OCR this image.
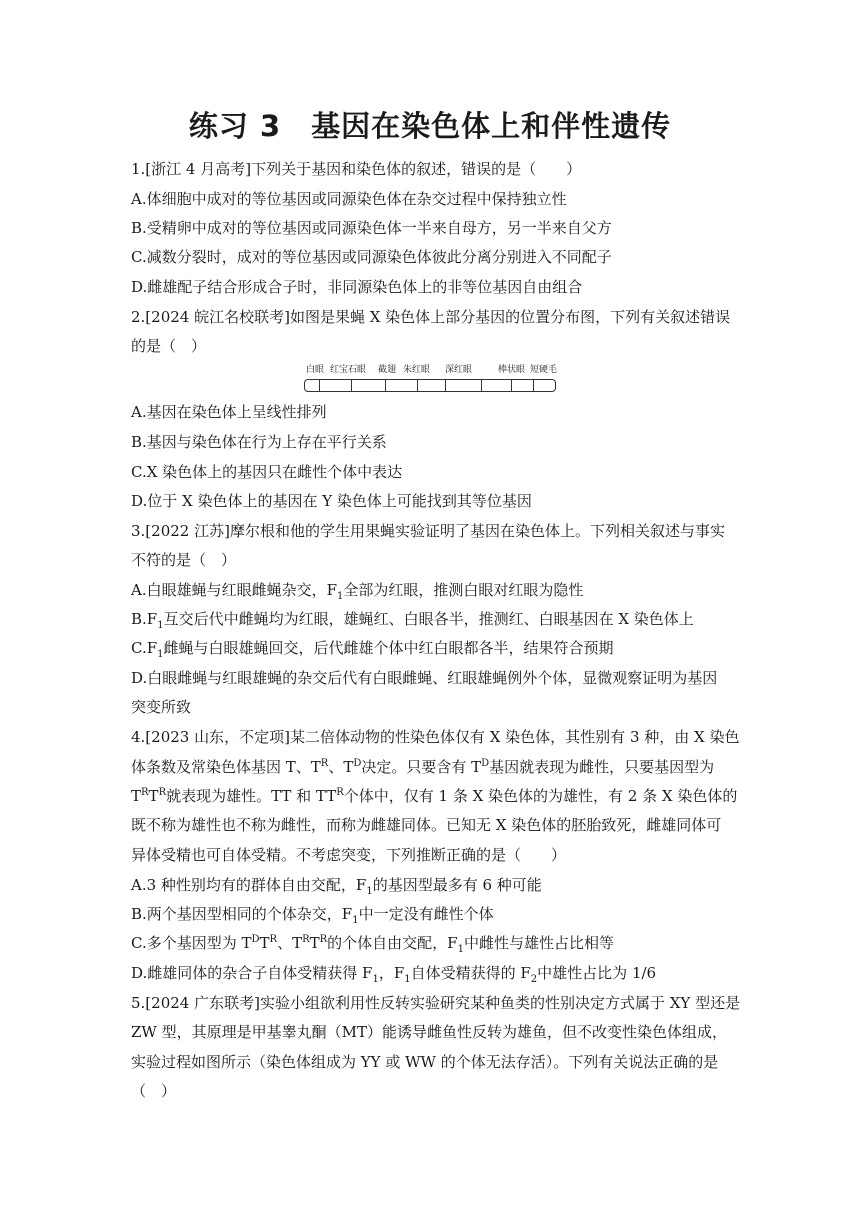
练习 3　基因在染色体上和伴性遗传
1.[浙江 4 月高考]下列关于基因和染色体的叙述，错误的是（　　）
A.体细胞中成对的等位基因或同源染色体在杂交过程中保持独立性
B.受精卵中成对的等位基因或同源染色体一半来自母方，另一半来自父方
C.减数分裂时，成对的等位基因或同源染色体彼此分离分别进入不同配子
D.雌雄配子结合形成合子时，非同源染色体上的非等位基因自由组合
2.[2024 皖江名校联考]如图是果蝇 X 染色体上部分基因的位置分布图，下列有关叙述错误
的是（　）
白眼 红宝石眼 截翅 朱红眼 深红眼	棒状眼 短硬毛
A.基因在染色体上呈线性排列
B.基因与染色体在行为上存在平行关系
C.X 染色体上的基因只在雌性个体中表达
D.位于 X 染色体上的基因在 Y 染色体上可能找到其等位基因
3.[2022 江苏]摩尔根和他的学生用果蝇实验证明了基因在染色体上。下列相关叙述与事实
不符的是（　）
A.白眼雄蝇与红眼雌蝇杂交，$F_1$全部为红眼，推测白眼对红眼为隐性
$B.F_1$互交后代中雌蝇均为红眼，雄蝇红、白眼各半，推测红、白眼基因在 X 染色体上
$C.F_1$雌蝇与白眼雄蝇回交，后代雌雄个体中红白眼都各半，结果符合预期
D.白眼雌蝇与红眼雄蝇的杂交后代有白眼雌蝇、红眼雄蝇例外个体，显微观察证明为基因
突变所致
4.[2023 山东，不定项]某二倍体动物的性染色体仅有 X 染色体，其性别有 3 种，由 X 染色
体条数及常染色体基因 T、$T^R$、$T^D$决定。只要含有 $T^D$基因就表现为雌性，只要基因型为
$T^RT^R$就表现为雄性。TT 和 $TT^R$个体中，仅有 1 条 X 染色体的为雄性，有 2 条 X 染色体的
既不称为雄性也不称为雌性，而称为雌雄同体。已知无 X 染色体的胚胎致死，雌雄同体可
异体受精也可自体受精。不考虑突变，下列推断正确的是（　　）
A.3 种性别均有的群体自由交配，$F_1$的基因型最多有 6 种可能
B.两个基因型相同的个体杂交，$F_1$中一定没有雌性个体
C.多个基因型为 $T^DT^R$、$T^RT^R$的个体自由交配，$F_1$中雌性与雄性占比相等
D.雌雄同体的杂合子自体受精获得 $F_1$，$F_1$自体受精获得的 $F_2$中雄性占比为 1/6
5.[2024 广东联考]实验小组欲利用性反转实验研究某种鱼类的性别决定方式属于 XY 型还是
ZW 型，其原理是甲基睾丸酮（MT）能诱导雌鱼性反转为雄鱼，但不改变性染色体组成，
实验过程如图所示（染色体组成为 YY 或 WW 的个体无法存活）。下列有关说法正确的是
（　）
